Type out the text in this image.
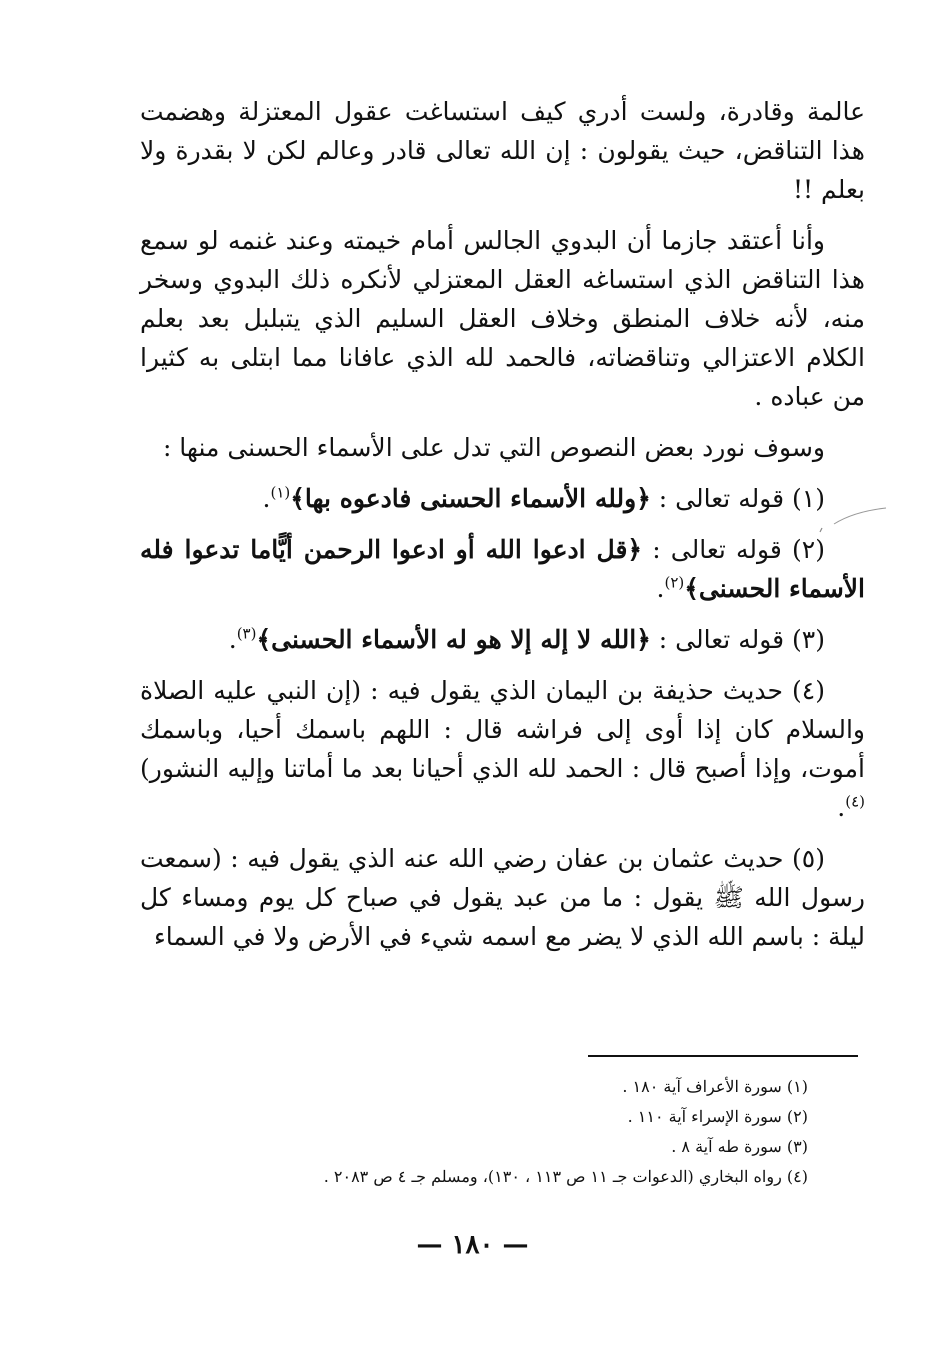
عالمة وقادرة، ولست أدري كيف استساغت عقول المعتزلة وهضمت هذا التناقض، حيث يقولون : إن الله تعالى قادر وعالم لكن لا بقدرة ولا بعلم !!

وأنا أعتقد جازما أن البدوي الجالس أمام خيمته وعند غنمه لو سمع هذا التناقض الذي استساغه العقل المعتزلي لأنكره ذلك البدوي وسخر منه، لأنه خلاف المنطق وخلاف العقل السليم الذي يتبلبل بعد بعلم الكلام الاعتزالي وتناقضاته، فالحمد لله الذي عافانا مما ابتلى به كثيرا من عباده .

وسوف نورد بعض النصوص التي تدل على الأسماء الحسنى منها :

(١) قوله تعالى : ﴿ولله الأسماء الحسنى فادعوه بها﴾$^{(١)}$.

(٢) قوله تعالى : ﴿قل ادعوا الله أو ادعوا الرحمن أيًّاما تدعوا فله الأسماء الحسنى﴾$^{(٢)}$.

(٣) قوله تعالى : ﴿الله لا إله إلا هو له الأسماء الحسنى﴾$^{(٣)}$.

(٤) حديث حذيفة بن اليمان الذي يقول فيه : (إن النبي عليه الصلاة والسلام كان إذا أوى إلى فراشه قال : اللهم باسمك أحيا، وباسمك أموت، وإذا أصبح قال : الحمد لله الذي أحيانا بعد ما أماتنا وإليه النشور)$^{(٤)}$.

(٥) حديث عثمان بن عفان رضي الله عنه الذي يقول فيه : (سمعت رسول الله ﷺ يقول : ما من عبد يقول في صباح كل يوم ومساء كل ليلة : باسم الله الذي لا يضر مع اسمه شيء في الأرض ولا في السماء

(١) سورة الأعراف آية ١٨٠ .

(٢) سورة الإسراء آية ١١٠ .

(٣) سورة طه آية ٨ .

(٤) رواه البخاري (الدعوات جـ ١١ ص ١١٣ ، ١٣٠)، ومسلم جـ ٤ ص ٢٠٨٣ .

— ١٨٠ —
